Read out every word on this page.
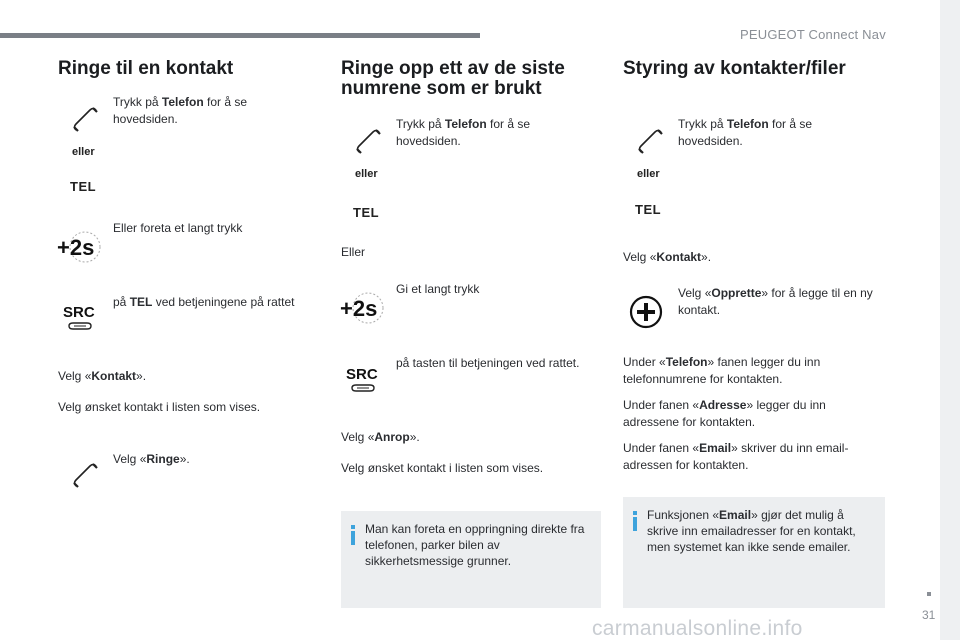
PEUGEOT Connect Nav
31
Ringe til en kontakt

Trykk på Telefon for å se hovedsiden.

eller
TEL
+2s

Eller foreta et langt trykk

SRC

på TEL ved betjeningene på rattet

Velg «Kontakt».

Velg ønsket kontakt i listen som vises.

Velg «Ringe».

Ringe opp ett av de siste
numrene som er brukt

Trykk på Telefon for å se hovedsiden.

eller
TEL

Eller

+2s

Gi et langt trykk

SRC

på tasten til betjeningen ved rattet.

Velg «Anrop».

Velg ønsket kontakt i listen som vises.

Man kan foreta en oppringning direkte fra telefonen, parker bilen av sikkerhetsmessige grunner.
Styring av kontakter/filer

Trykk på Telefon for å se hovedsiden.

eller
TEL

Velg «Kontakt».

Velg «Opprette» for å legge til en ny kontakt.

Under «Telefon» fanen legger du inn telefonnumrene for kontakten.

Under fanen «Adresse» legger du inn adressene for kontakten.

Under fanen «Email» skriver du inn email-adressen for kontakten.

Funksjonen «Email» gjør det mulig å skrive inn emailadresser for en kontakt, men systemet kan ikke sende emailer.
carmanualsonline.info
